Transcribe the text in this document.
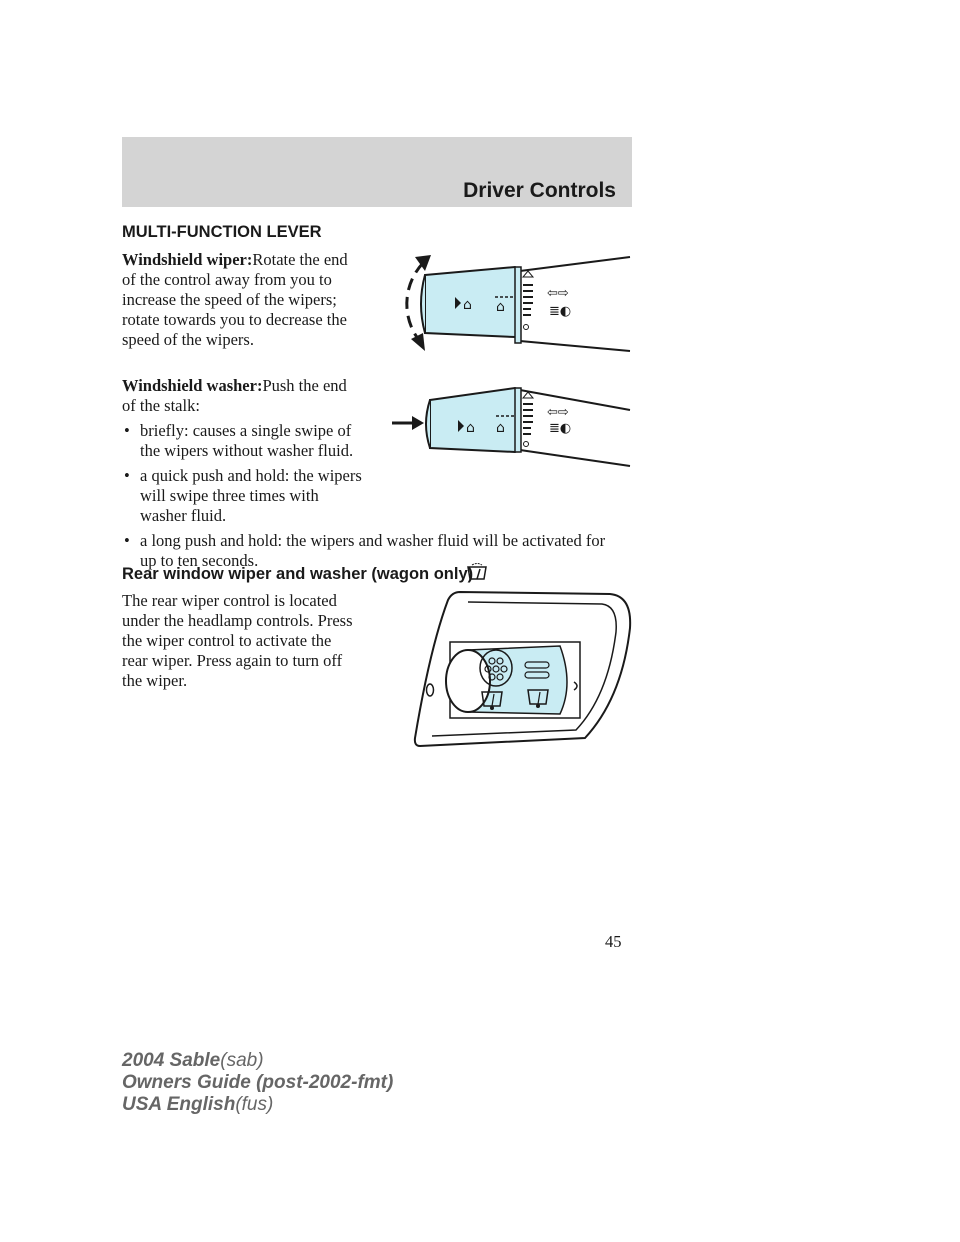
Driver Controls
MULTI-FUNCTION LEVER
Windshield wiper:Rotate the end
of the control away from you to
increase the speed of the wipers;
rotate towards you to decrease the
speed of the wipers.
⌂ ⌂
⇦⇨
≣◐
Windshield washer:Push the end
of the stalk:
• briefly: causes a single swipe of
the wipers without washer fluid.
• a quick push and hold: the wipers
will swipe three times with
washer fluid.
• a long push and hold: the wipers and washer fluid will be activated for
up to ten seconds.
⌂ ⌂
⇦⇨
≣◐
Rear window wiper and washer (wagon only)
The rear wiper control is located
under the headlamp controls. Press
the wiper control to activate the
rear wiper. Press again to turn off
the wiper.
45
2004 Sable(sab)
Owners Guide (post-2002-fmt)
USA English(fus)
